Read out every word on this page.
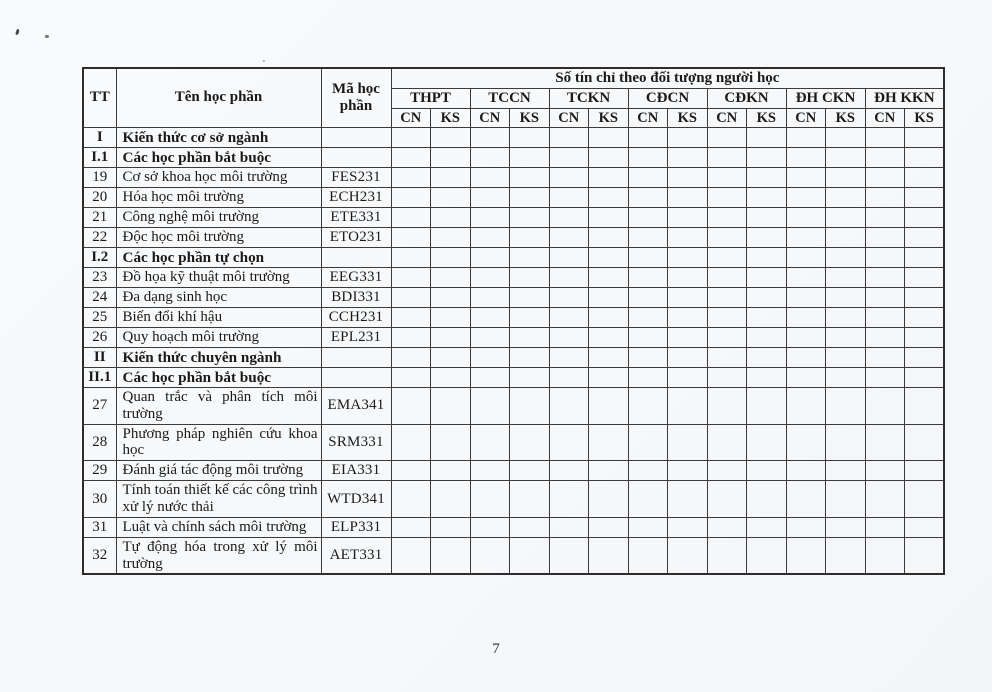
TT	Tên học phần	Mã học phần	Số tín chỉ theo đối tượng người học													
			THPT		TCCN		TCKN		CĐCN		CĐKN		ĐH CKN		ĐH KKN	
			CN	KS	CN	KS	CN	KS	CN	KS	CN	KS	CN	KS	CN	KS
I	Kiến thức cơ sở ngành															
I.1	Các học phần bắt buộc															
19	Cơ sở khoa học môi trường	FES231														
20	Hóa học môi trường	ECH231														
21	Công nghệ môi trường	ETE331														
22	Độc học môi trường	ETO231														
I.2	Các học phần tự chọn															
23	Đồ họa kỹ thuật môi trường	EEG331														
24	Đa dạng sinh học	BDI331														
25	Biến đổi khí hậu	CCH231														
26	Quy hoạch môi trường	EPL231														
II	Kiến thức chuyên ngành															
II.1	Các học phần bắt buộc															
27	Quan trắc và phân tích môi trường	EMA341														
28	Phương pháp nghiên cứu khoa học	SRM331														
29	Đánh giá tác động môi trường	EIA331														
30	Tính toán thiết kế các công trình xử lý nước thải	WTD341														
31	Luật và chính sách môi trường	ELP331														
32	Tự động hóa trong xử lý môi trường	AET331														
7
